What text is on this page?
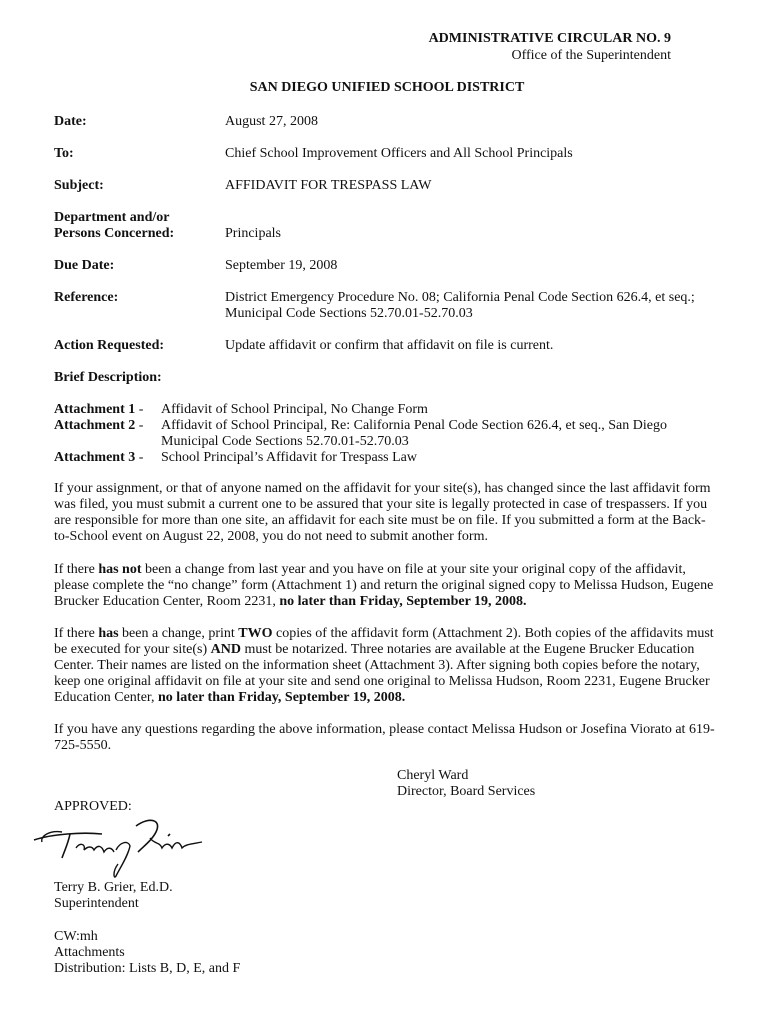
ADMINISTRATIVE CIRCULAR NO. 9
Office of the Superintendent
SAN DIEGO UNIFIED SCHOOL DISTRICT
Date:	August 27, 2008
To:	Chief School Improvement Officers and All School Principals
Subject:	AFFIDAVIT FOR TRESPASS LAW
Department and/or
Persons Concerned:	Principals
Due Date:	September 19, 2008
Reference:	District Emergency Procedure No. 08; California Penal Code Section 626.4, et seq.;
Municipal Code Sections 52.70.01-52.70.03
Action Requested:	Update affidavit or confirm that affidavit on file is current.
Brief Description:
Attachment 1 - Affidavit of School Principal, No Change Form
Attachment 2 - Affidavit of School Principal, Re: California Penal Code Section 626.4, et seq., San Diego
Municipal Code Sections 52.70.01-52.70.03
Attachment 3 - School Principal’s Affidavit for Trespass Law
If your assignment, or that of anyone named on the affidavit for your site(s), has changed since the last affidavit form
was filed, you must submit a current one to be assured that your site is legally protected in case of trespassers. If you
are responsible for more than one site, an affidavit for each site must be on file. If you submitted a form at the Back-
to-School event on August 22, 2008, you do not need to submit another form.
If there has not been a change from last year and you have on file at your site your original copy of the affidavit,
please complete the “no change” form (Attachment 1) and return the original signed copy to Melissa Hudson, Eugene
Brucker Education Center, Room 2231, no later than Friday, September 19, 2008.
If there has been a change, print TWO copies of the affidavit form (Attachment 2). Both copies of the affidavits must
be executed for your site(s) AND must be notarized. Three notaries are available at the Eugene Brucker Education
Center. Their names are listed on the information sheet (Attachment 3). After signing both copies before the notary,
keep one original affidavit on file at your site and send one original to Melissa Hudson, Room 2231, Eugene Brucker
Education Center, no later than Friday, September 19, 2008.
If you have any questions regarding the above information, please contact Melissa Hudson or Josefina Viorato at 619-
725-5550.
Cheryl Ward
Director, Board Services
APPROVED:
Terry B. Grier, Ed.D.
Superintendent
CW:mh
Attachments
Distribution: Lists B, D, E, and F
